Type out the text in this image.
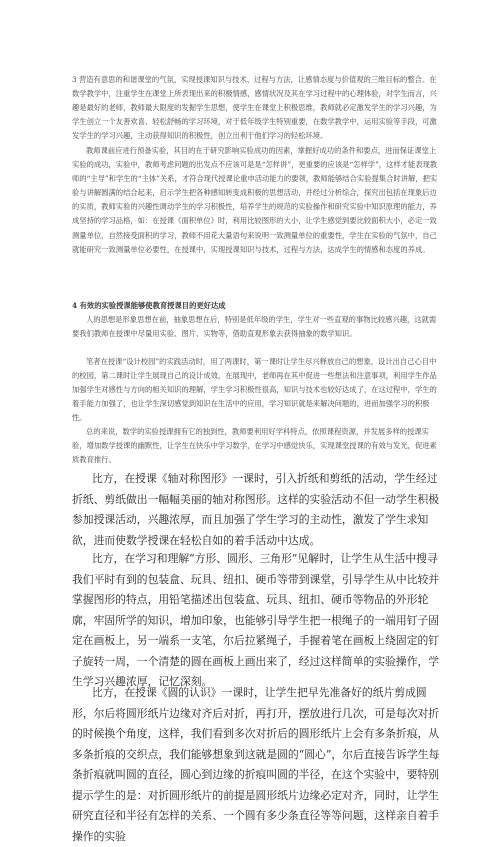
3 营造有意思的和谐课堂的气氛，实现授课知识与技术、过程与方法，让感情态度与价值观的三维目标的整合。在数学教学中，注重学生在课堂上所表现出来的积极情感，感情状况及其在学习过程中的心理体验，对学生而言，兴趣是最好的老师，教师最大限度的发掘学生思想，使学生在课堂上积极思维，教师就必定激发学生的学习兴趣，为学生创立一个友善欢喜、轻松舒畅的学习环境，对于低年级学生特别重要，在数学教学中，运用实验等手段，可激发学生的学习兴趣，主动获得知识的积极性，创立出利于他们学习的轻松环境。

教师课前应进行预备实验，其目的在于研究影响实验成功的因素，掌握好成功的条件和要点，进而保证课堂上实验的成功，实验中，教师考虑问题的出发点不应该可是是“怎样讲”，更重要的应该是“怎样学”，这样才能表现教师的“主导”和学生的“主体”关系，才符合现代授课论重申活动能力的要领，教师能够结合实验提集合时讲解，把实验与讲解圆满的结合起来，启示学生把各种感知转变成积极的思想活动，并经过分析综合，探究出包括在现象后边的实质，教师实验的兴趣性调动学生的学习积极性，培养学生的规范的实验操作和研究实验中知识原理的能力，养成坚持的学习品格，如：在授课《面积单位》时，利用比较图形的大小，让学生感觉到要比较面积大小，必定一致测量单位，自然接受面积的学习，教师不用花大量语句来说明一致测量单位的重要性，学生在实验的气氛中，自己就能研究一致测量单位必要性，在授课中，实现授课知识与技术，过程与方法，达成学生的情感和态度的养成。

4 有效的实验授课能够使教育授课目的更好达成

人的思想是形象思想在前，抽象思想在后，特别是低年级的学生，学生对一些直观的事物比较感兴趣，这就需要我们教师在授课中尽量用实验、图片、实物等，借助直观形象去获得抽象的数学知识。

笔者在授课“设计校园”的实践活动时，用了两课时，第一课时让学生尽兴释放自己的想象，设计出自己心目中的校园，第二课时让学生展现自己的设计成效，在展现中，老师再在其中促进一些想法和注意事项，利用学生作品加强学生对感性与方向的相关知识的理解，学生学习积极性很高，知识与技术也较好达成了，在这过程中，学生的着手能力加强了，也让学生深切感觉到知识在生活中的应用，学习知识就是来解决问题的，进而加强学习的积极性。

总的来说，数学的实验授课拥有它的独到性，教师要利用好学科特点，依照课程资源，并发展多样的授课实验，增加数学授课的幽默性，让学生在快乐中学习数学，在学习中感觉快乐，实现课堂授课的有效与发光，促进素质教育推行。

比方，在授课《轴对称图形》一课时，引入折纸和剪纸的活动，学生经过折纸、剪纸做出一幅幅美丽的轴对称图形。这样的实验活动不但一动学生积极参加授课活动，兴趣浓厚，而且加强了学生学习的主动性，激发了学生求知欲，进而使数学授课在轻松自如的着手活动中达成。

比方，在学习和理解“方形、圆形、三角形”见解时，让学生从生活中搜寻我们平时有到的包装盒、玩具、纽扣、硬币等带到课堂，引导学生从中比较并掌握图形的特点，用铅笔描述出包装盒、玩具、纽扣、硬币等物品的外形轮廓，牢固所学的知识，增加印象，也能够引导学生把一根绳子的一端用钉子固定在画板上，另一端系一支笔，尔后拉紧绳子，手握着笔在画板上绕固定的钉子旋转一周，一个清楚的圆在画板上画出来了，经过这样简单的实验操作，学生学习兴趣浓厚，记忆深刻。

比方，在授课《圆的认识》一课时，让学生把早先准备好的纸片剪成圆形，尔后将圆形纸片边缘对齐后对折，再打开，摆放进行几次，可是每次对折的时候换个角度，这样，我们看到多次对折后的圆形纸片上会有多条折痕，从多条折痕的交织点，我们能够想象到这就是圆的“圆心”，尔后直接告诉学生每条折痕就叫圆的直径，圆心到边缘的折痕叫圆的半径，在这个实验中，要特别提示学生的是：对折圆形纸片的前提是圆形纸片边缘必定对齐，同时，让学生研究直径和半径有怎样的关系、一个圆有多少条直径等等问题，这样亲自着手操作的实验
